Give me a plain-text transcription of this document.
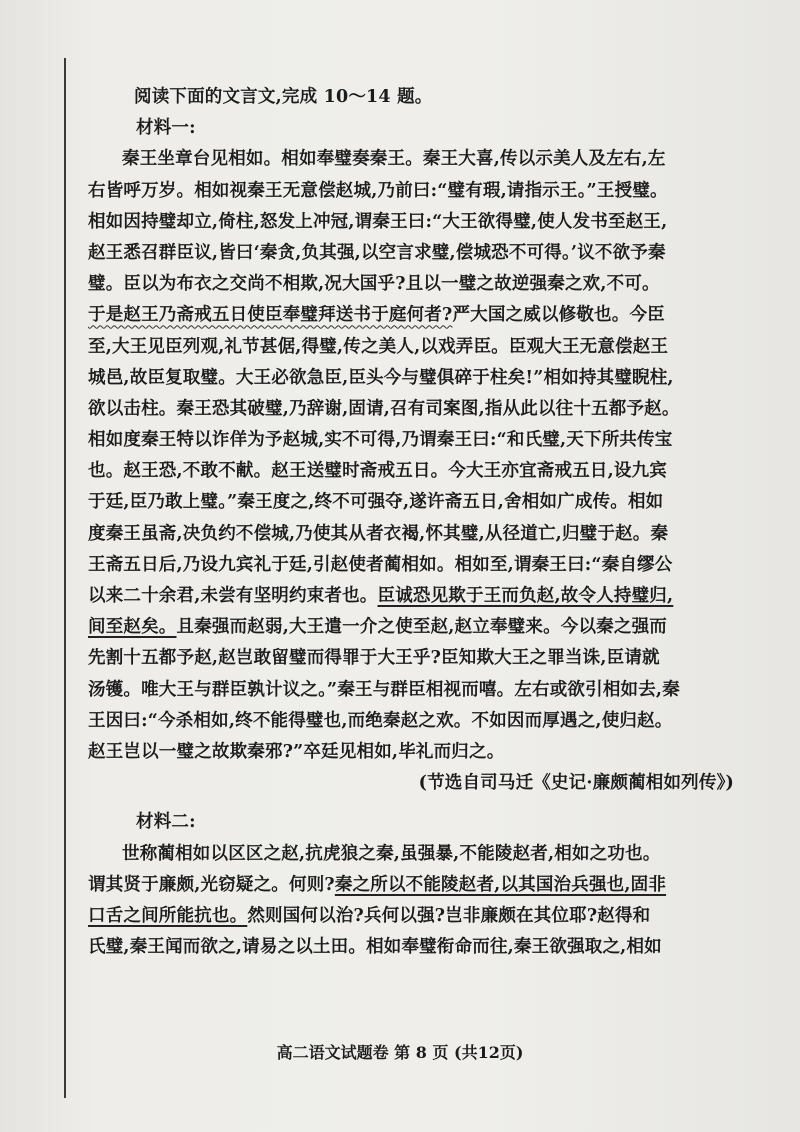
阅读下面的文言文,完成 10～14 题。
材料一:
秦王坐章台见相如。相如奉璧奏秦王。秦王大喜,传以示美人及左右,左
右皆呼万岁。相如视秦王无意偿赵城,乃前曰:“璧有瑕,请指示王。”王授璧。
相如因持璧却立,倚柱,怒发上冲冠,谓秦王曰:“大王欲得璧,使人发书至赵王,
赵王悉召群臣议,皆曰‘秦贪,负其强,以空言求璧,偿城恐不可得。’议不欲予秦
璧。臣以为布衣之交尚不相欺,况大国乎?且以一璧之故逆强秦之欢,不可。
于是赵王乃斋戒五日使臣奉璧拜送书于庭何者?严大国之威以修敬也。今臣
至,大王见臣列观,礼节甚倨,得璧,传之美人,以戏弄臣。臣观大王无意偿赵王
城邑,故臣复取璧。大王必欲急臣,臣头今与璧俱碎于柱矣!”相如持其璧睨柱,
欲以击柱。秦王恐其破璧,乃辞谢,固请,召有司案图,指从此以往十五都予赵。
相如度秦王特以诈佯为予赵城,实不可得,乃谓秦王曰:“和氏璧,天下所共传宝
也。赵王恐,不敢不献。赵王送璧时斋戒五日。今大王亦宜斋戒五日,设九宾
于廷,臣乃敢上璧。”秦王度之,终不可强夺,遂许斋五日,舍相如广成传。相如
度秦王虽斋,决负约不偿城,乃使其从者衣褐,怀其璧,从径道亡,归璧于赵。秦
王斋五日后,乃设九宾礼于廷,引赵使者蔺相如。相如至,谓秦王曰:“秦自缪公
以来二十余君,未尝有坚明约束者也。臣诚恐见欺于王而负赵,故令人持璧归,
间至赵矣。且秦强而赵弱,大王遣一介之使至赵,赵立奉璧来。今以秦之强而
先割十五都予赵,赵岂敢留璧而得罪于大王乎?臣知欺大王之罪当诛,臣请就
汤镬。唯大王与群臣孰计议之。”秦王与群臣相视而嘻。左右或欲引相如去,秦
王因曰:“今杀相如,终不能得璧也,而绝秦赵之欢。不如因而厚遇之,使归赵。
赵王岂以一璧之故欺秦邪?”卒廷见相如,毕礼而归之。
(节选自司马迁《史记·廉颇蔺相如列传》)
材料二:
世称蔺相如以区区之赵,抗虎狼之秦,虽强暴,不能陵赵者,相如之功也。
谓其贤于廉颇,光窃疑之。何则?秦之所以不能陵赵者,以其国治兵强也,固非
口舌之间所能抗也。然则国何以治?兵何以强?岂非廉颇在其位耶?赵得和
氏璧,秦王闻而欲之,请易之以土田。相如奉璧衔命而往,秦王欲强取之,相如
高二语文试题卷 第 8 页 (共12页)
